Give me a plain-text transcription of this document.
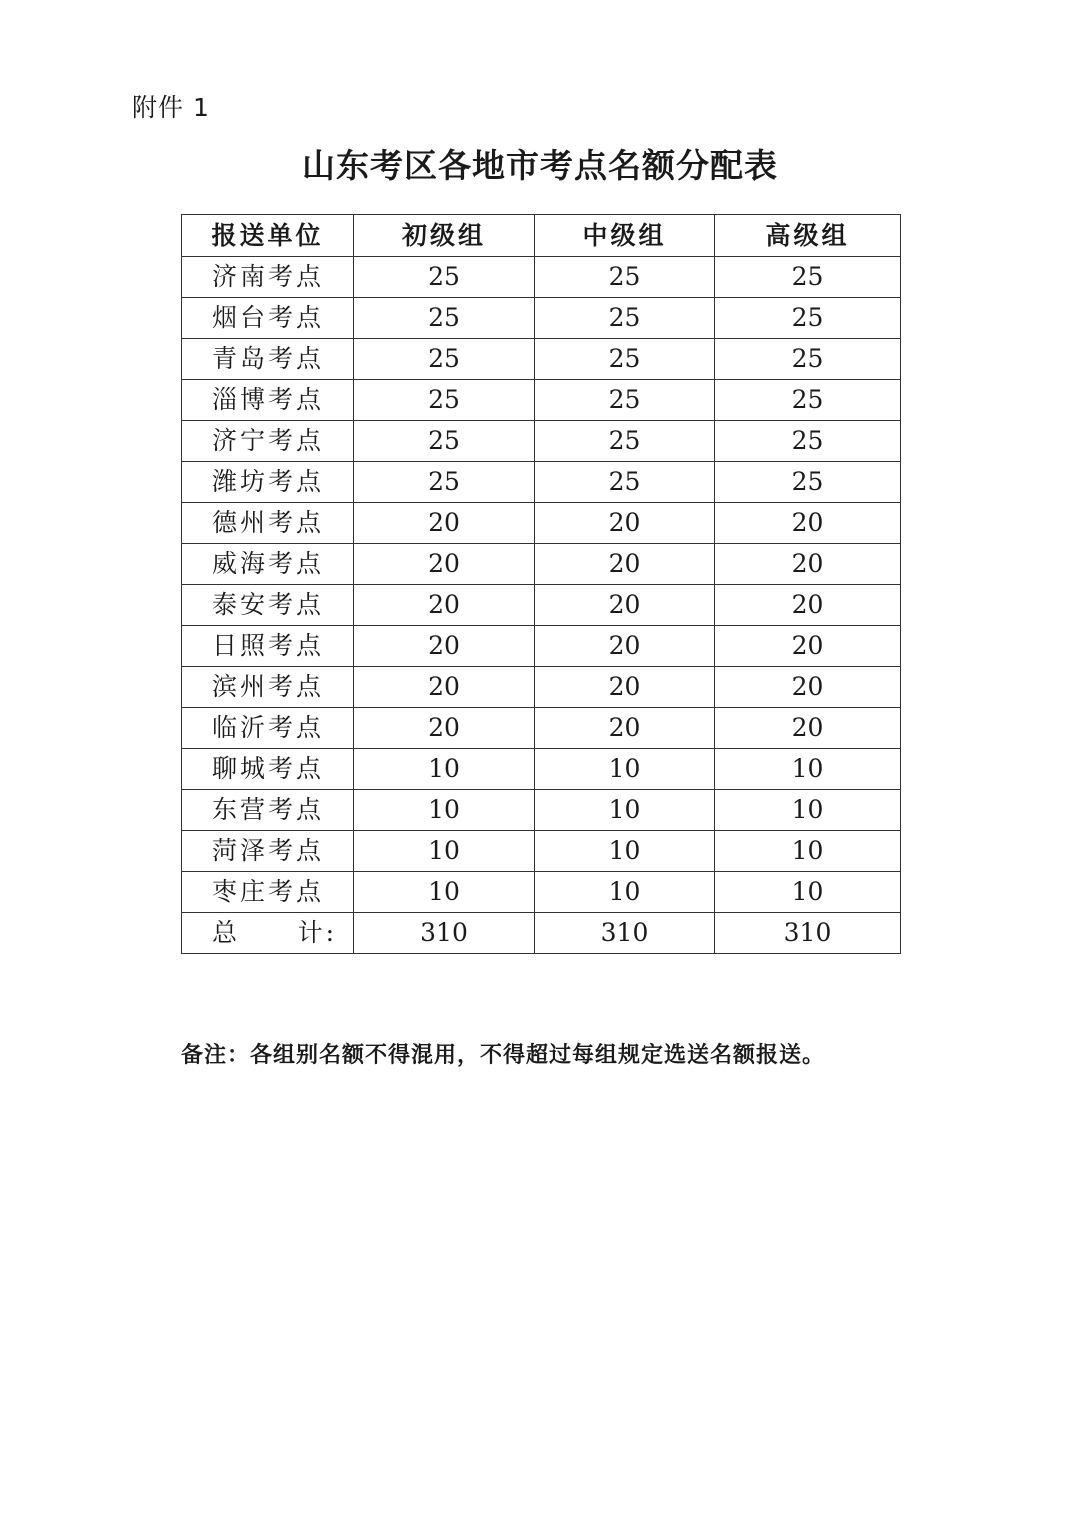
附件 1
山东考区各地市考点名额分配表
报送单位	初级组	中级组	高级组
济南考点	25	25	25
烟台考点	25	25	25
青岛考点	25	25	25
淄博考点	25	25	25
济宁考点	25	25	25
潍坊考点	25	25	25
德州考点	20	20	20
威海考点	20	20	20
泰安考点	20	20	20
日照考点	20	20	20
滨州考点	20	20	20
临沂考点	20	20	20
聊城考点	10	10	10
东营考点	10	10	10
菏泽考点	10	10	10
枣庄考点	10	10	10

总 计:	310	310	310
备注：各组别名额不得混用，不得超过每组规定选送名额报送。
